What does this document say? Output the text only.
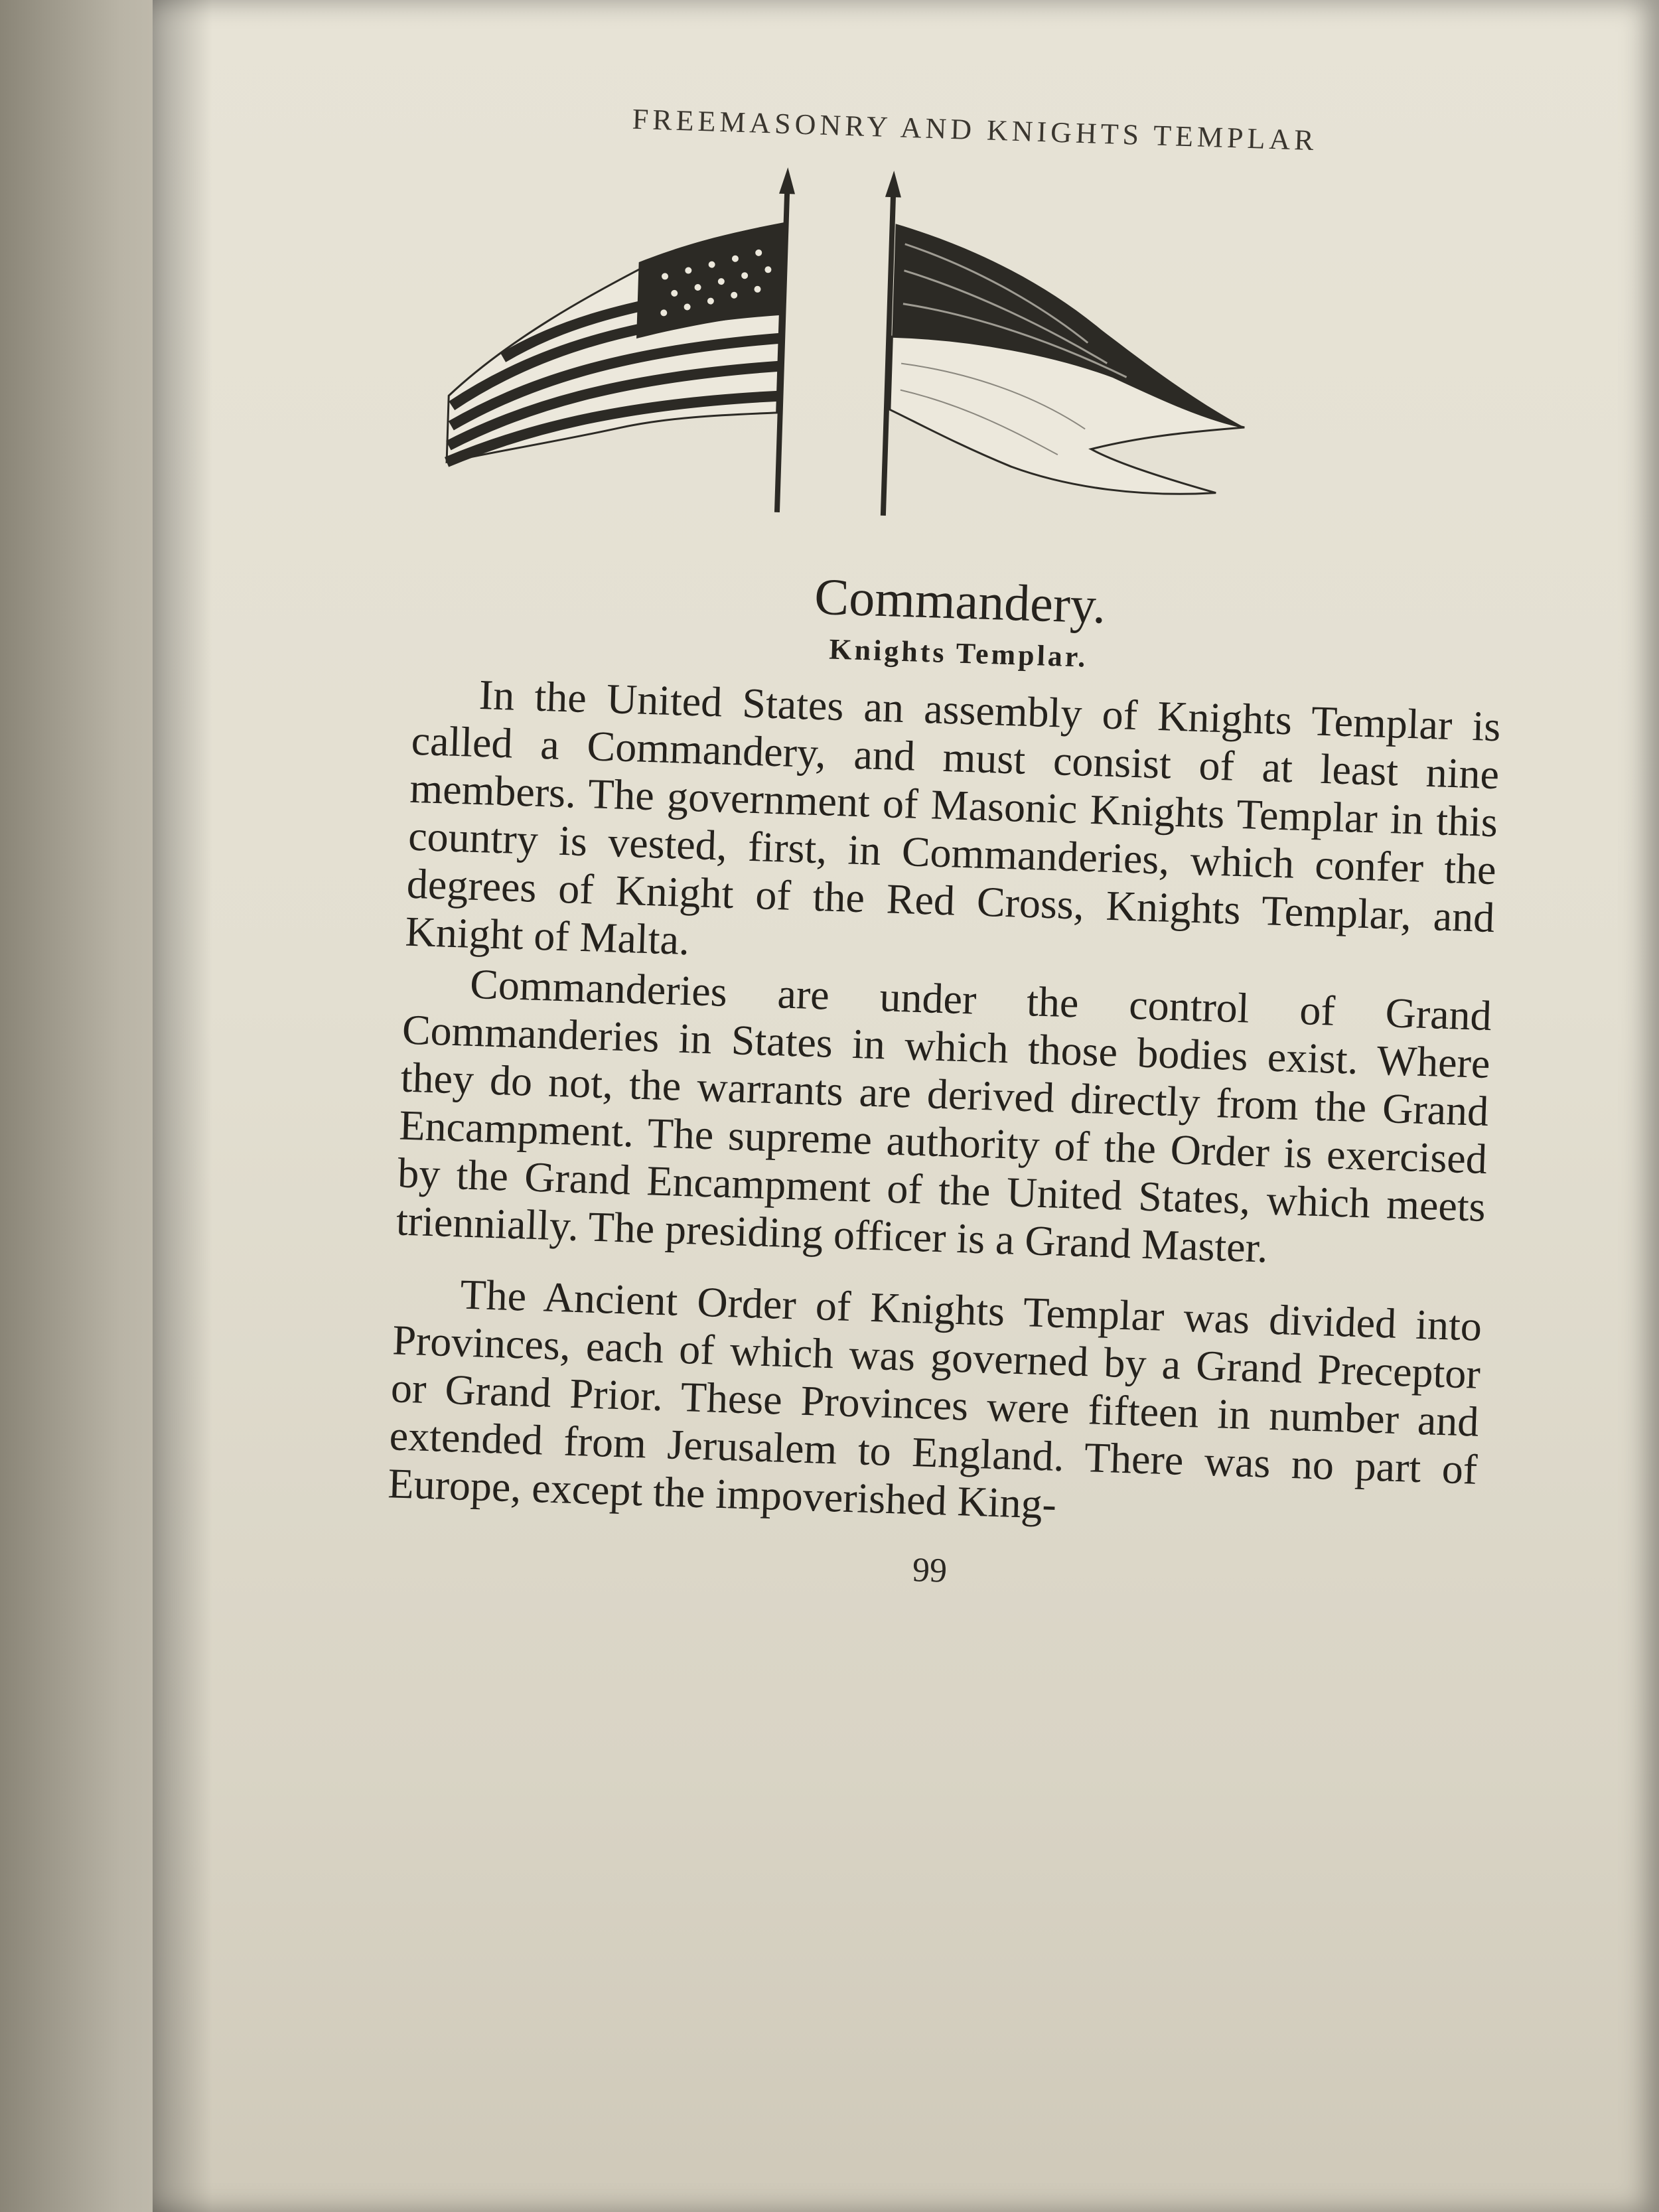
FREEMASONRY AND KNIGHTS TEMPLAR
Commandery.
Knights Templar.

In the United States an assembly of Knights Templar is called a Commandery, and must consist of at least nine members. The government of Masonic Knights Templar in this country is vested, first, in Commanderies, which confer the degrees of Knight of the Red Cross, Knights Templar, and Knight of Malta.

Commanderies are under the control of Grand Commanderies in States in which those bodies exist. Where they do not, the warrants are derived directly from the Grand Encampment. The supreme authority of the Order is exercised by the Grand Encampment of the United States, which meets triennially. The presiding officer is a Grand Master.

The Ancient Order of Knights Templar was divided into Provinces, each of which was governed by a Grand Preceptor or Grand Prior. These Provinces were fifteen in number and extended from Jerusalem to England. There was no part of Europe, except the impoverished King-

99
